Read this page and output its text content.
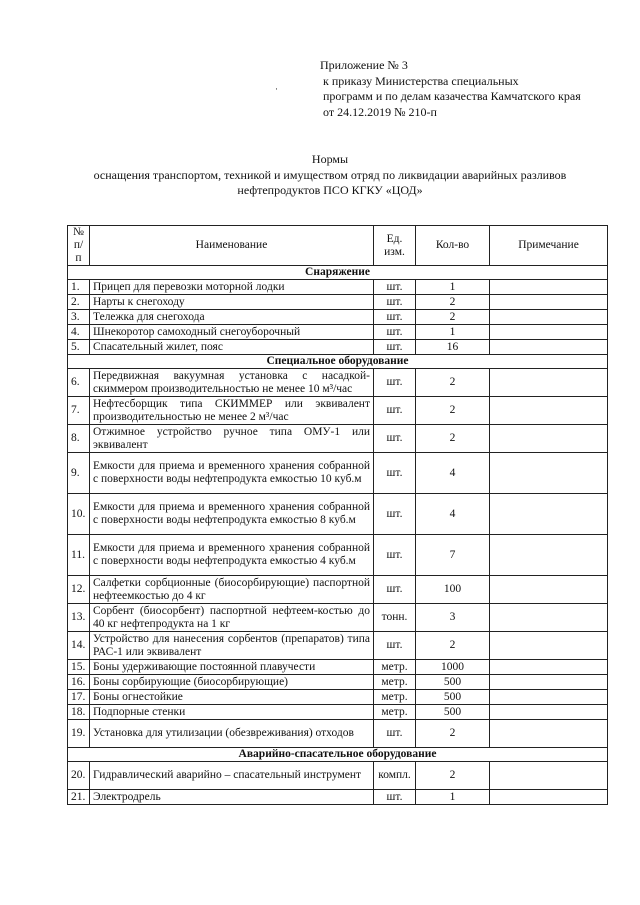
Приложение № 3
к приказу Министерства специальных
программ и по делам казачества Камчатского края
от 24.12.2019 № 210-п
·
Нормы
оснащения транспортом, техникой и имуществом отряд по ликвидации аварийных разливов
нефтепродуктов ПСО КГКУ «ЦОД»
№ п/п	Наименование	Ед. изм.	Кол-во	Примечание
Снаряжение				
1.	Прицеп для перевозки моторной лодки	шт.	1	
2.	Нарты к снегоходу	шт.	2	
3.	Тележка для снегохода	шт.	2	
4.	Шнекоротор самоходный снегоуборочный	шт.	1	
5.	Спасательный жилет, пояс	шт.	16	
Специальное оборудование				
6.	Передвижная вакуумная установка с насадкой-скиммером производительностью не менее 10 м³/час	шт.	2	
7.	Нефтесборщик типа СКИММЕР или эквивалент производительностью не менее 2 м³/час	шт.	2	
8.	Отжимное устройство ручное типа ОМУ-1 или эквивалент	шт.	2	
9.	Емкости для приема и временного хранения собранной с поверхности воды нефтепродукта емкостью 10 куб.м	шт.	4	
10.	Емкости для приема и временного хранения собранной с поверхности воды нефтепродукта емкостью 8 куб.м	шт.	4	
11.	Емкости для приема и временного хранения собранной с поверхности воды нефтепродукта емкостью 4 куб.м	шт.	7	
12.	Салфетки сорбционные (биосорбирующие) паспортной нефтеемкостью до 4 кг	шт.	100	
13.	Сорбент (биосорбент) паспортной нефтеем-костью до 40 кг нефтепродукта на 1 кг	тонн.	3	
14.	Устройство для нанесения сорбентов (препаратов) типа РАС-1 или эквивалент	шт.	2	
15.	Боны удерживающие постоянной плавучести	метр.	1000	
16.	Боны сорбирующие (биосорбирующие)	метр.	500	
17.	Боны огнестойкие	метр.	500	
18.	Подпорные стенки	метр.	500	
19.	Установка для утилизации (обезвреживания) отходов	шт.	2	
Аварийно-спасательное оборудование				
20.	Гидравлический аварийно – спасательный инструмент	компл.	2	
21.	Электродрель	шт.	1	
